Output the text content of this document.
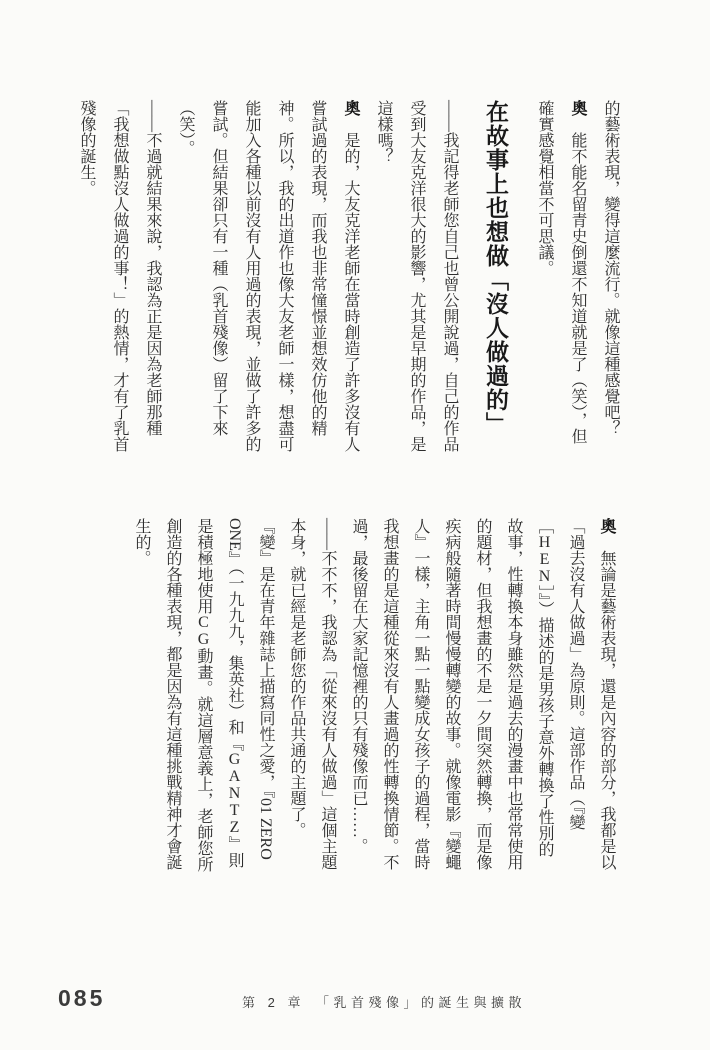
的藝術表現，變得這麼流行。就像這種感覺吧？

奧　能不能名留青史倒還不知道就是了（笑），但

確實感覺相當不可思議。

在故事上也想做「沒人做過的」

——我記得老師您自己也曾公開說過，自己的作品

受到大友克洋很大的影響，尤其是早期的作品，是

這樣嗎？

奧　是的，大友克洋老師在當時創造了許多沒有人

嘗試過的表現，而我也非常憧憬並想效仿他的精

神。所以，我的出道作也像大友老師一樣，想盡可

能加入各種以前沒有人用過的表現，並做了許多的

嘗試。但結果卻只有一種（乳首殘像）留了下來

（笑）。

——不過就結果來說，我認為正是因為老師那種

「我想做點沒人做過的事！」的熱情，才有了乳首

殘像的誕生。

奧　無論是藝術表現，還是內容的部分，我都是以

「過去沒有人做過」為原則。這部作品（『變

［HEN］』）描述的是男孩子意外轉換了性別的

故事，性轉換本身雖然是過去的漫畫中也常常使用

的題材，但我想畫的不是一夕間突然轉換，而是像

疾病般隨著時間慢慢轉變的故事。就像電影『變蠅

人』一樣，主角一點一點變成女孩子的過程，當時

我想畫的是這種從來沒有人畫過的性轉換情節。不

過，最後留在大家記憶裡的只有殘像而已……。

——不不不，我認為「從來沒有人做過」這個主題

本身，就已經是老師您的作品共通的主題了。

『變』是在青年雜誌上描寫同性之愛，『01 ZERO

ONE』（一九九九，集英社）和『GANTZ』則

是積極地使用CG動畫。就這層意義上，老師您所

創造的各種表現，都是因為有這種挑戰精神才會誕

生的。

085	第 2 章　「乳首殘像」的誕生與擴散
